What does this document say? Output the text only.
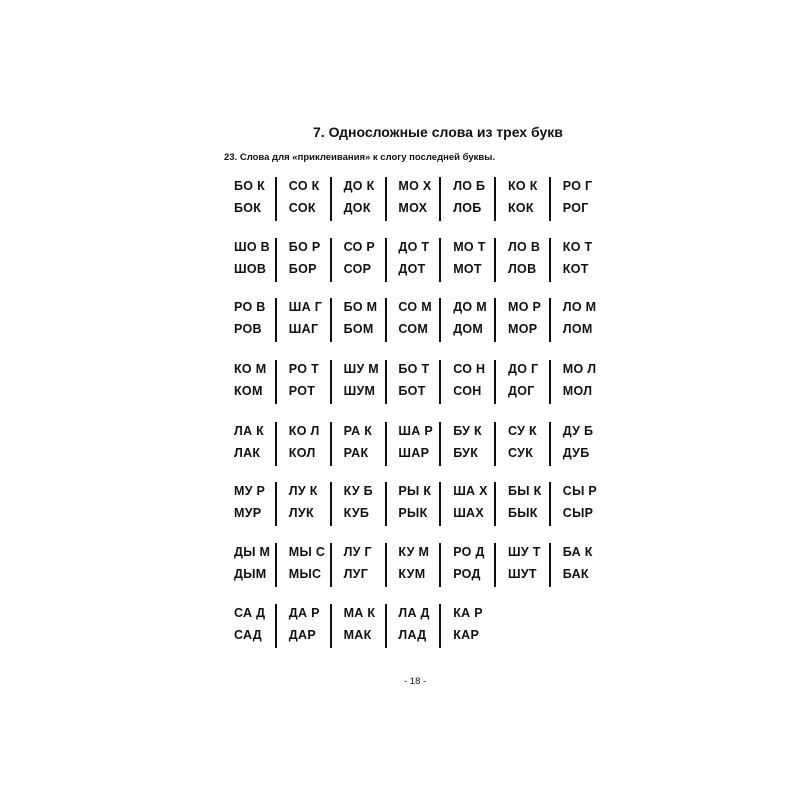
7. Односложные слова из трех букв

23. Слова для «приклеивания» к слогу последней буквы.

БО К
БОК
СО К
СОК
ДО К
ДОК
МО Х
МОХ
ЛО Б
ЛОБ
КО К
КОК
РО Г
РОГ
ШО В
ШОВ
БО Р
БОР
СО Р
СОР
ДО Т
ДОТ
МО Т
МОТ
ЛО В
ЛОВ
КО Т
КОТ
РО В
РОВ
ША Г
ШАГ
БО М
БОМ
СО М
СОМ
ДО М
ДОМ
МО Р
МОР
ЛО М
ЛОМ
КО М
КОМ
РО Т
РОТ
ШУ М
ШУМ
БО Т
БОТ
СО Н
СОН
ДО Г
ДОГ
МО Л
МОЛ
ЛА К
ЛАК
КО Л
КОЛ
РА К
РАК
ША Р
ШАР
БУ К
БУК
СУ К
СУК
ДУ Б
ДУБ
МУ Р
МУР
ЛУ К
ЛУК
КУ Б
КУБ
РЫ К
РЫК
ША Х
ШАХ
БЫ К
БЫК
СЫ Р
СЫР
ДЫ М
ДЫМ
МЫ С
МЫС
ЛУ Г
ЛУГ
КУ М
КУМ
РО Д
РОД
ШУ Т
ШУТ
БА К
БАК
СА Д
САД
ДА Р
ДАР
МА К
МАК
ЛА Д
ЛАД
КА Р
КАР
- 18 -
